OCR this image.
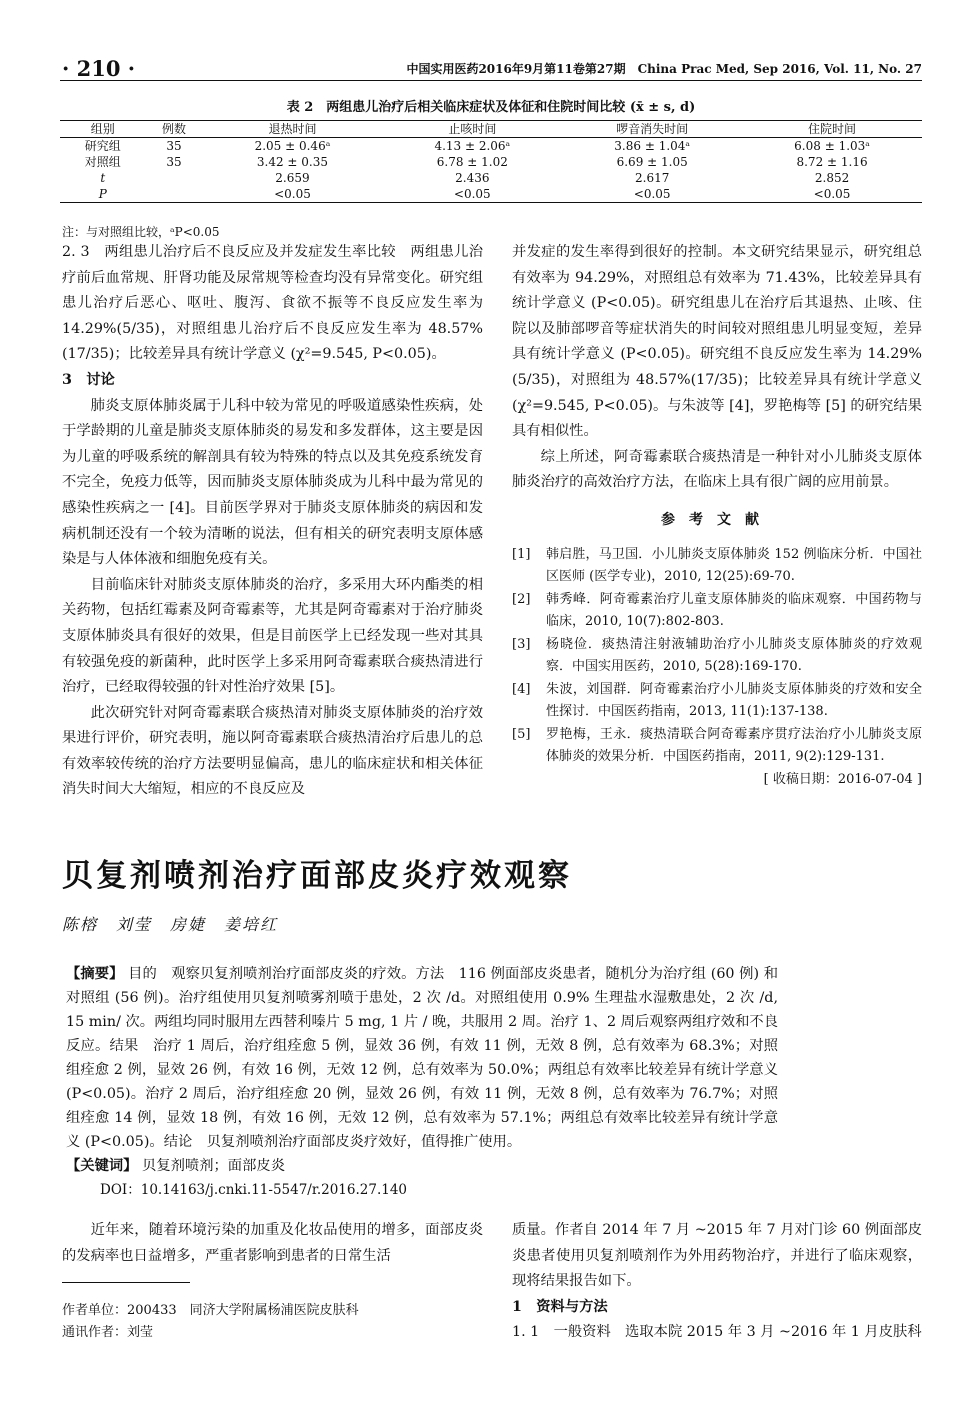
· 210 ·	中国实用医药2016年9月第11卷第27期　China Prac Med, Sep 2016, Vol. 11, No. 27
表 2　两组患儿治疗后相关临床症状及体征和住院时间比较 (x̄ ± s, d)
组别	例数	退热时间	止咳时间	啰音消失时间	住院时间
研究组	35	2.05 ± 0.46ᵃ	4.13 ± 2.06ᵃ	3.86 ± 1.04ᵃ	6.08 ± 1.03ᵃ
对照组	35	3.42 ± 0.35	6.78 ± 1.02	6.69 ± 1.05	8.72 ± 1.16
t		2.659	2.436	2.617	2.852
P		<0.05	<0.05	<0.05	<0.05
注：与对照组比较，ᵃP<0.05

2. 3　两组患儿治疗后不良反应及并发症发生率比较　两组患儿治疗前后血常规、肝肾功能及尿常规等检查均没有异常变化。研究组患儿治疗后恶心、呕吐、腹泻、食欲不振等不良反应发生率为 14.29%(5/35)，对照组患儿治疗后不良反应发生率为 48.57%(17/35)；比较差异具有统计学意义 (χ²=9.545, P<0.05)。

3　讨论

肺炎支原体肺炎属于儿科中较为常见的呼吸道感染性疾病，处于学龄期的儿童是肺炎支原体肺炎的易发和多发群体，这主要是因为儿童的呼吸系统的解剖具有较为特殊的特点以及其免疫系统发育不完全，免疫力低等，因而肺炎支原体肺炎成为儿科中最为常见的感染性疾病之一 [4]。目前医学界对于肺炎支原体肺炎的病因和发病机制还没有一个较为清晰的说法，但有相关的研究表明支原体感染是与人体体液和细胞免疫有关。

目前临床针对肺炎支原体肺炎的治疗，多采用大环内酯类的相关药物，包括红霉素及阿奇霉素等，尤其是阿奇霉素对于治疗肺炎支原体肺炎具有很好的效果，但是目前医学上已经发现一些对其具有较强免疫的新菌种，此时医学上多采用阿奇霉素联合痰热清进行治疗，已经取得较强的针对性治疗效果 [5]。

此次研究针对阿奇霉素联合痰热清对肺炎支原体肺炎的治疗效果进行评价，研究表明，施以阿奇霉素联合痰热清治疗后患儿的总有效率较传统的治疗方法要明显偏高，患儿的临床症状和相关体征消失时间大大缩短，相应的不良反应及

并发症的发生率得到很好的控制。本文研究结果显示，研究组总有效率为 94.29%，对照组总有效率为 71.43%，比较差异具有统计学意义 (P<0.05)。研究组患儿在治疗后其退热、止咳、住院以及肺部啰音等症状消失的时间较对照组患儿明显变短，差异具有统计学意义 (P<0.05)。研究组不良反应发生率为 14.29%(5/35)，对照组为 48.57%(17/35)；比较差异具有统计学意义 (χ²=9.545, P<0.05)。与朱波等 [4]，罗艳梅等 [5] 的研究结果具有相似性。

综上所述，阿奇霉素联合痰热清是一种针对小儿肺炎支原体肺炎治疗的高效治疗方法，在临床上具有很广阔的应用前景。

参考文献
[1]	韩启胜，马卫国．小儿肺炎支原体肺炎 152 例临床分析．中国社区医师 (医学专业)，2010, 12(25):69-70.
[2]	韩秀峰．阿奇霉素治疗儿童支原体肺炎的临床观察．中国药物与临床，2010, 10(7):802-803.
[3]	杨晓俭．痰热清注射液辅助治疗小儿肺炎支原体肺炎的疗效观察．中国实用医药，2010, 5(28):169-170.
[4]	朱波，刘国群．阿奇霉素治疗小儿肺炎支原体肺炎的疗效和安全性探讨．中国医药指南，2013, 11(1):137-138.
[5]	罗艳梅，王永．痰热清联合阿奇霉素序贯疗法治疗小儿肺炎支原体肺炎的效果分析．中国医药指南，2011, 9(2):129-131.
[ 收稿日期：2016-07-04 ]
贝复剂喷剂治疗面部皮炎疗效观察
陈榕　刘莹　房婕　姜培红

【摘要】 目的　观察贝复剂喷剂治疗面部皮炎的疗效。方法　116 例面部皮炎患者，随机分为治疗组 (60 例) 和对照组 (56 例)。治疗组使用贝复剂喷雾剂喷于患处，2 次 /d。对照组使用 0.9% 生理盐水湿敷患处，2 次 /d, 15 min/ 次。两组均同时服用左西替利嗪片 5 mg, 1 片 / 晚，共服用 2 周。治疗 1、2 周后观察两组疗效和不良反应。结果　治疗 1 周后，治疗组痊愈 5 例，显效 36 例，有效 11 例，无效 8 例，总有效率为 68.3%；对照组痊愈 2 例，显效 26 例，有效 16 例，无效 12 例，总有效率为 50.0%；两组总有效率比较差异有统计学意义 (P<0.05)。治疗 2 周后，治疗组痊愈 20 例，显效 26 例，有效 11 例，无效 8 例，总有效率为 76.7%；对照组痊愈 14 例，显效 18 例，有效 16 例，无效 12 例，总有效率为 57.1%；两组总有效率比较差异有统计学意义 (P<0.05)。结论　贝复剂喷剂治疗面部皮炎疗效好，值得推广使用。

【关键词】 贝复剂喷剂；面部皮炎

DOI：10.14163/j.cnki.11-5547/r.2016.27.140

近年来，随着环境污染的加重及化妆品使用的增多，面部皮炎的发病率也日益增多，严重者影响到患者的日常生活

作者单位：200433　同济大学附属杨浦医院皮肤科

通讯作者：刘莹

质量。作者自 2014 年 7 月 ~2015 年 7 月对门诊 60 例面部皮炎患者使用贝复剂喷剂作为外用药物治疗，并进行了临床观察，现将结果报告如下。

1　资料与方法

1. 1　一般资料　选取本院 2015 年 3 月 ~2016 年 1 月皮肤科
